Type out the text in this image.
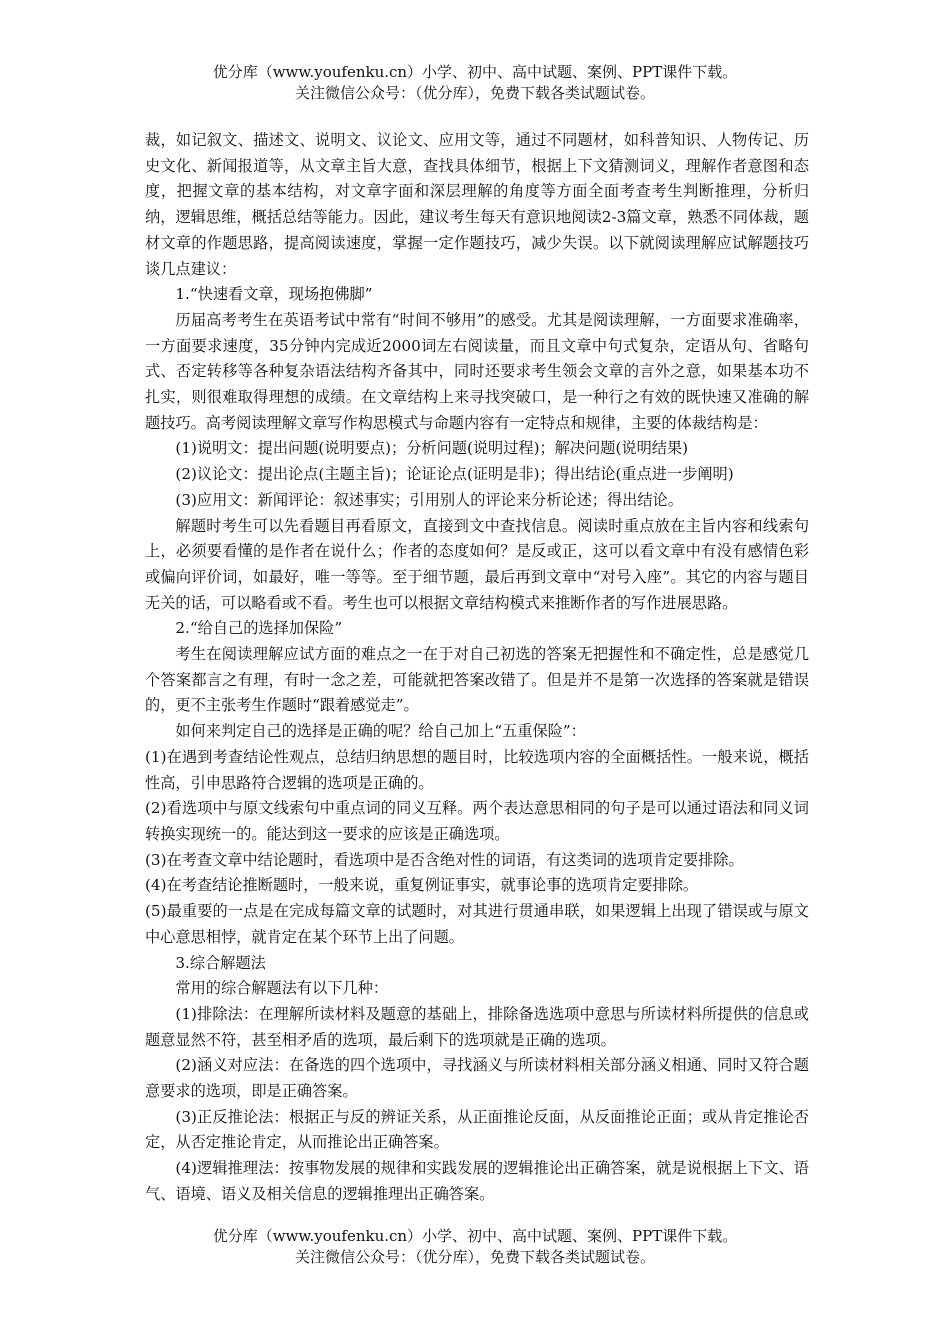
优分库（www.youfenku.cn）小学、初中、高中试题、案例、PPT课件下载。
关注微信公众号：（优分库），免费下载各类试题试卷。

裁，如记叙文、描述文、说明文、议论文、应用文等，通过不同题材，如科普知识、人物传记、历史文化、新闻报道等，从文章主旨大意，查找具体细节，根据上下文猜测词义，理解作者意图和态度，把握文章的基本结构，对文章字面和深层理解的角度等方面全面考查考生判断推理，分析归纳，逻辑思维，概括总结等能力。因此，建议考生每天有意识地阅读2-3篇文章，熟悉不同体裁，题材文章的作题思路，提高阅读速度，掌握一定作题技巧，减少失误。以下就阅读理解应试解题技巧谈几点建议：

1.“快速看文章，现场抱佛脚”

历届高考考生在英语考试中常有“时间不够用”的感受。尤其是阅读理解，一方面要求准确率，一方面要求速度，35分钟内完成近2000词左右阅读量，而且文章中句式复杂，定语从句、省略句式、否定转移等各种复杂语法结构齐备其中，同时还要求考生领会文章的言外之意，如果基本功不扎实，则很难取得理想的成绩。在文章结构上来寻找突破口，是一种行之有效的既快速又准确的解题技巧。高考阅读理解文章写作构思模式与命题内容有一定特点和规律，主要的体裁结构是：

(1)说明文：提出问题(说明要点)；分析问题(说明过程)；解决问题(说明结果)

(2)议论文：提出论点(主题主旨)；论证论点(证明是非)；得出结论(重点进一步阐明)

(3)应用文：新闻评论：叙述事实；引用别人的评论来分析论述；得出结论。

解题时考生可以先看题目再看原文，直接到文中查找信息。阅读时重点放在主旨内容和线索句上，必须要看懂的是作者在说什么；作者的态度如何？是反或正，这可以看文章中有没有感情色彩或偏向评价词，如最好，唯一等等。至于细节题，最后再到文章中“对号入座”。其它的内容与题目无关的话，可以略看或不看。考生也可以根据文章结构模式来推断作者的写作进展思路。

2.“给自己的选择加保险”

考生在阅读理解应试方面的难点之一在于对自己初选的答案无把握性和不确定性，总是感觉几个答案都言之有理，有时一念之差，可能就把答案改错了。但是并不是第一次选择的答案就是错误的，更不主张考生作题时“跟着感觉走”。

如何来判定自己的选择是正确的呢？给自己加上“五重保险”：

(1)在遇到考查结论性观点，总结归纳思想的题目时，比较选项内容的全面概括性。一般来说，概括性高，引申思路符合逻辑的选项是正确的。

(2)看选项中与原文线索句中重点词的同义互释。两个表达意思相同的句子是可以通过语法和同义词转换实现统一的。能达到这一要求的应该是正确选项。

(3)在考查文章中结论题时，看选项中是否含绝对性的词语，有这类词的选项肯定要排除。

(4)在考查结论推断题时，一般来说，重复例证事实，就事论事的选项肯定要排除。

(5)最重要的一点是在完成每篇文章的试题时，对其进行贯通串联，如果逻辑上出现了错误或与原文中心意思相悖，就肯定在某个环节上出了问题。

3.综合解题法

常用的综合解题法有以下几种：

(1)排除法：在理解所读材料及题意的基础上，排除备选选项中意思与所读材料所提供的信息或题意显然不符，甚至相矛盾的选项，最后剩下的选项就是正确的选项。

(2)涵义对应法：在备选的四个选项中，寻找涵义与所读材料相关部分涵义相通、同时又符合题意要求的选项，即是正确答案。

(3)正反推论法：根据正与反的辨证关系，从正面推论反面，从反面推论正面；或从肯定推论否定，从否定推论肯定，从而推论出正确答案。

(4)逻辑推理法：按事物发展的规律和实践发展的逻辑推论出正确答案，就是说根据上下文、语气、语境、语义及相关信息的逻辑推理出正确答案。

优分库（www.youfenku.cn）小学、初中、高中试题、案例、PPT课件下载。
关注微信公众号：（优分库），免费下载各类试题试卷。
